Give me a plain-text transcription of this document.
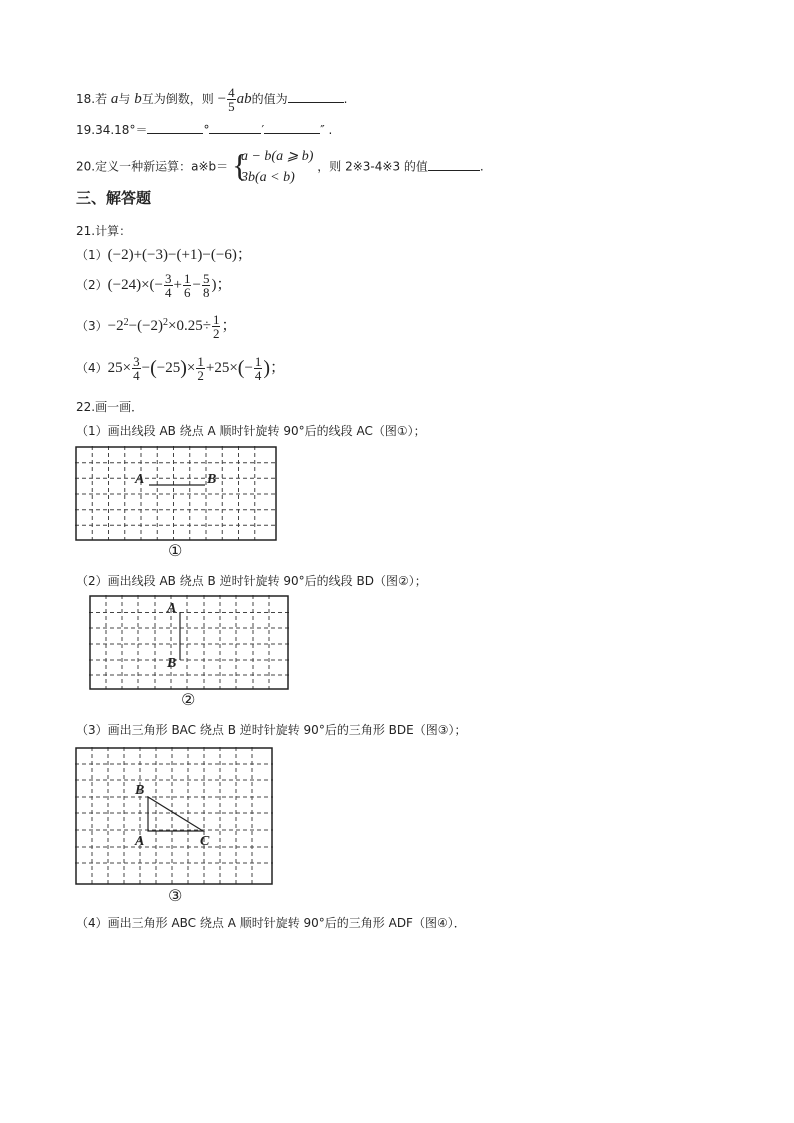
18.若 a与 b互为倒数，则 − $\frac{4}{5}$ ab的值为	.
19.34.18°＝	°	′	″ .
20.定义一种新运算：a※b＝ {
a − b(a ⩾ b)
3b(a < b)
，则 2※3-4※3 的值	.
三、解答题
21.计算：
（1）(−2)+(−3)−(+1)−(−6)；
$(2)(-24)\times(- \frac{3}{4} + \frac{1}{6} - \frac{5}{8}$ )；
$(3)-2^2-(-2)^2\times 0.25\div \frac{1}{2}$ ；
$(4)25\times \frac{3}{4} -(-25)\times \frac{1}{2} +25\times(- \frac{1}{4}$ )；
22.画一画．
（1）画出线段 AB 绕点 A 顺时针旋转 90°后的线段 AC（图①）；
A	B
①
（2）画出线段 AB 绕点 B 逆时针旋转 90°后的线段 BD（图②）；
A
B
②
（3）画出三角形 BAC 绕点 B 逆时针旋转 90°后的三角形 BDE（图③）；
B
A	C
③
（4）画出三角形 ABC 绕点 A 顺时针旋转 90°后的三角形 ADF（图④）．
